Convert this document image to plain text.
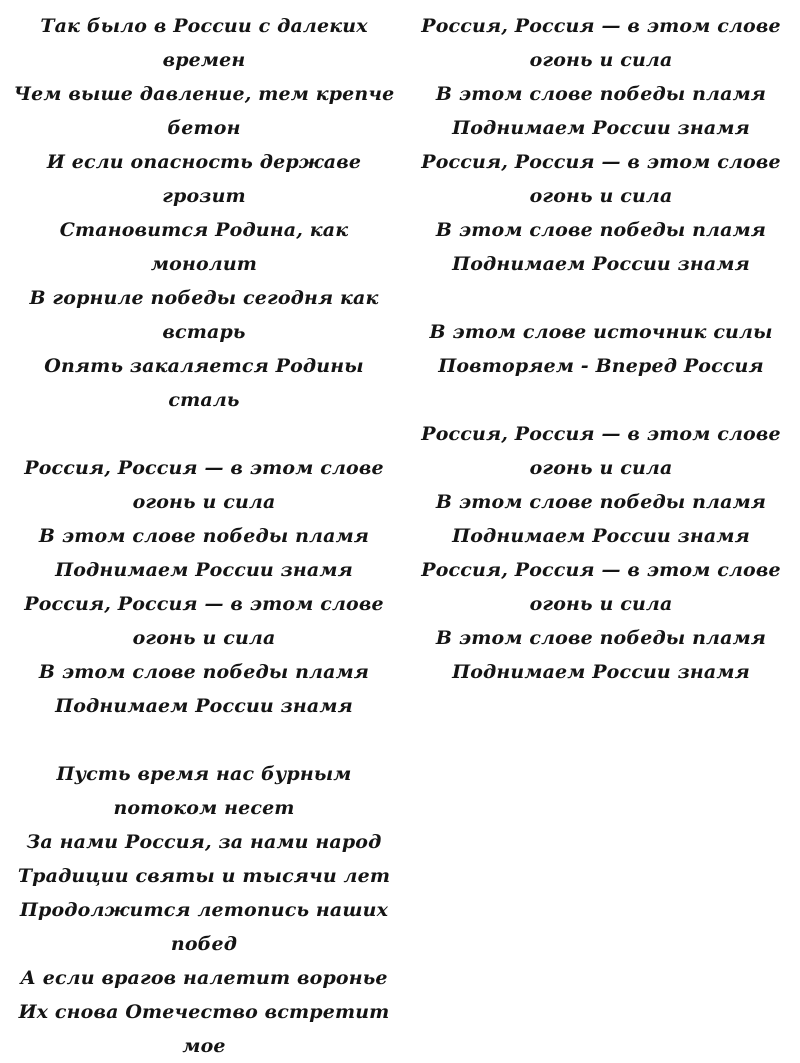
Так было в России с далеких времен
Чем выше давление, тем крепче бетон
И если опасность державе грозит
Становится Родина, как монолит
В горниле победы сегодня как встарь
Опять закаляется Родины сталь
Россия, Россия — в этом слове огонь и сила
В этом слове победы пламя
Поднимаем России знамя
Россия, Россия — в этом слове огонь и сила
В этом слове победы пламя
Поднимаем России знамя
Пусть время нас бурным потоком несет
За нами Россия, за нами народ
Традиции святы и тысячи лет
Продолжится летопись наших побед
А если врагов налетит воронье
Их снова Отечество встретит мое
Россия, Россия — в этом слове огонь и сила
В этом слове победы пламя
Поднимаем России знамя
Россия, Россия — в этом слове огонь и сила
В этом слове победы пламя
Поднимаем России знамя
В этом слове источник силы
Повторяем - Вперед Россия
Россия, Россия — в этом слове огонь и сила
В этом слове победы пламя
Поднимаем России знамя
Россия, Россия — в этом слове огонь и сила
В этом слове победы пламя
Поднимаем России знамя
